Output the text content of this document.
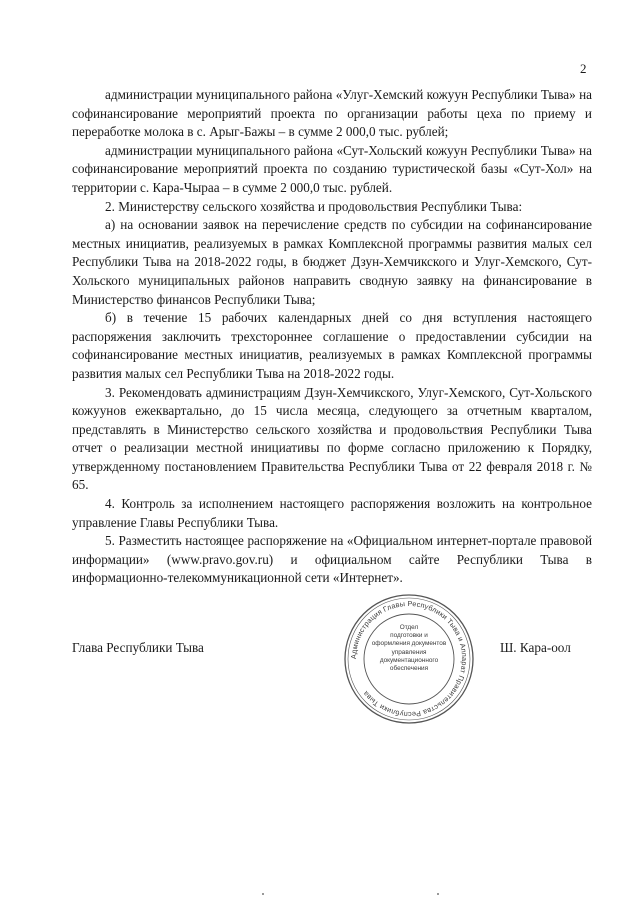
2

администрации муниципального района «Улуг-Хемский кожуун Республики Тыва» на софинансирование мероприятий проекта по организации работы цеха по приему и переработке молока в с. Арыг-Бажы – в сумме 2 000,0 тыс. рублей;

администрации муниципального района «Сут-Хольский кожуун Республики Тыва» на софинансирование мероприятий проекта по созданию туристической базы «Сут-Хол» на территории с. Кара-Чыраа – в сумме 2 000,0 тыс. рублей.

2. Министерству сельского хозяйства и продовольствия Республики Тыва:

а) на основании заявок на перечисление средств по субсидии на софинансирование местных инициатив, реализуемых в рамках Комплексной программы развития малых сел Республики Тыва на 2018-2022 годы, в бюджет Дзун-Хемчикского и Улуг-Хемского, Сут-Хольского муниципальных районов направить сводную заявку на финансирование в Министерство финансов Республики Тыва;

б) в течение 15 рабочих календарных дней со дня вступления настоящего распоряжения заключить трехстороннее соглашение о предоставлении субсидии на софинансирование местных инициатив, реализуемых в рамках Комплексной программы развития малых сел Республики Тыва на 2018-2022 годы.

3. Рекомендовать администрациям Дзун-Хемчикского, Улуг-Хемского, Сут-Хольского кожуунов ежеквартально, до 15 числа месяца, следующего за отчетным кварталом, представлять в Министерство сельского хозяйства и продовольствия Республики Тыва отчет о реализации местной инициативы по форме согласно приложению к Порядку, утвержденному постановлением Правительства Республики Тыва от 22 февраля 2018 г. № 65.

4. Контроль за исполнением настоящего распоряжения возложить на контрольное управление Главы Республики Тыва.

5. Разместить настоящее распоряжение на «Официальном интернет-портале правовой информации» (www.pravo.gov.ru) и официальном сайте Республики Тыва в информационно-телекоммуникационной сети «Интернет».

Глава Республики Тыва
Администрация Главы Республики Тыва и Аппарат Правительства Республики Тыва
Отдел
подготовки и
оформления документов
управления
документационного
обеспечения
Ш. Кара-оол
